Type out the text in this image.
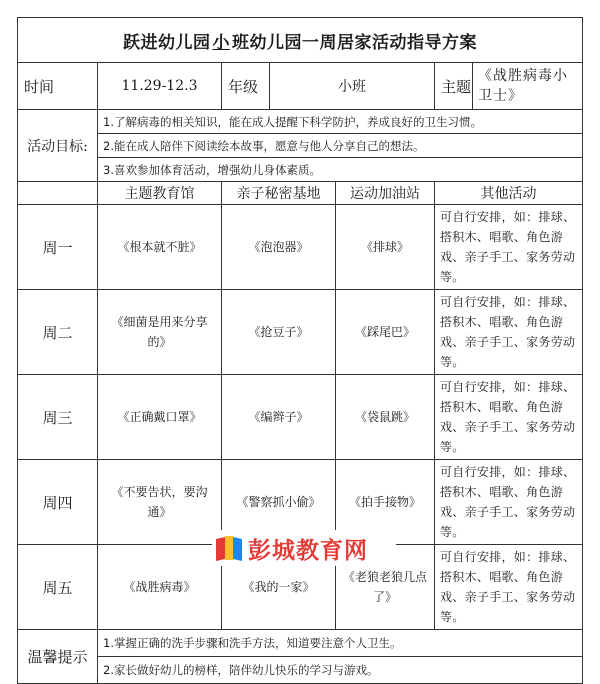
跃进幼儿园 小 班幼儿园一周居家活动指导方案						
时间	11.29-12.3	年级	小班		主题	《战胜病毒小卫士》
活动目标:	1.了解病毒的相关知识，能在成人提醒下科学防护，养成良好的卫生习惯。					
	2.能在成人陪伴下阅读绘本故事，愿意与他人分享自己的想法。					
	3.喜欢参加体育活动，增强幼儿身体素质。					
	主题教育馆	亲子秘密基地		运动加油站	其他活动	
周一	《根本就不脏》	《泡泡器》		《排球》	可自行安排，如：排球、搭积木、唱歌、角色游戏、亲子手工、家务劳动等。	
周二	《细菌是用来分享的》	《抢豆子》		《踩尾巴》	可自行安排，如：排球、搭积木、唱歌、角色游戏、亲子手工、家务劳动等。	
周三	《正确戴口罩》	《编辫子》		《袋鼠跳》	可自行安排，如：排球、搭积木、唱歌、角色游戏、亲子手工、家务劳动等。	
周四	《不要告状，要沟通》	《警察抓小偷》		《拍手接物》	可自行安排，如：排球、搭积木、唱歌、角色游戏、亲子手工、家务劳动等。	
周五	《战胜病毒》	《我的一家》		《老狼老狼几点了》	可自行安排，如：排球、搭积木、唱歌、角色游戏、亲子手工、家务劳动等。	
温馨提示	1.掌握正确的洗手步骤和洗手方法，知道要注意个人卫生。					
	2.家长做好幼儿的榜样，陪伴幼儿快乐的学习与游戏。					
彭城教育网
